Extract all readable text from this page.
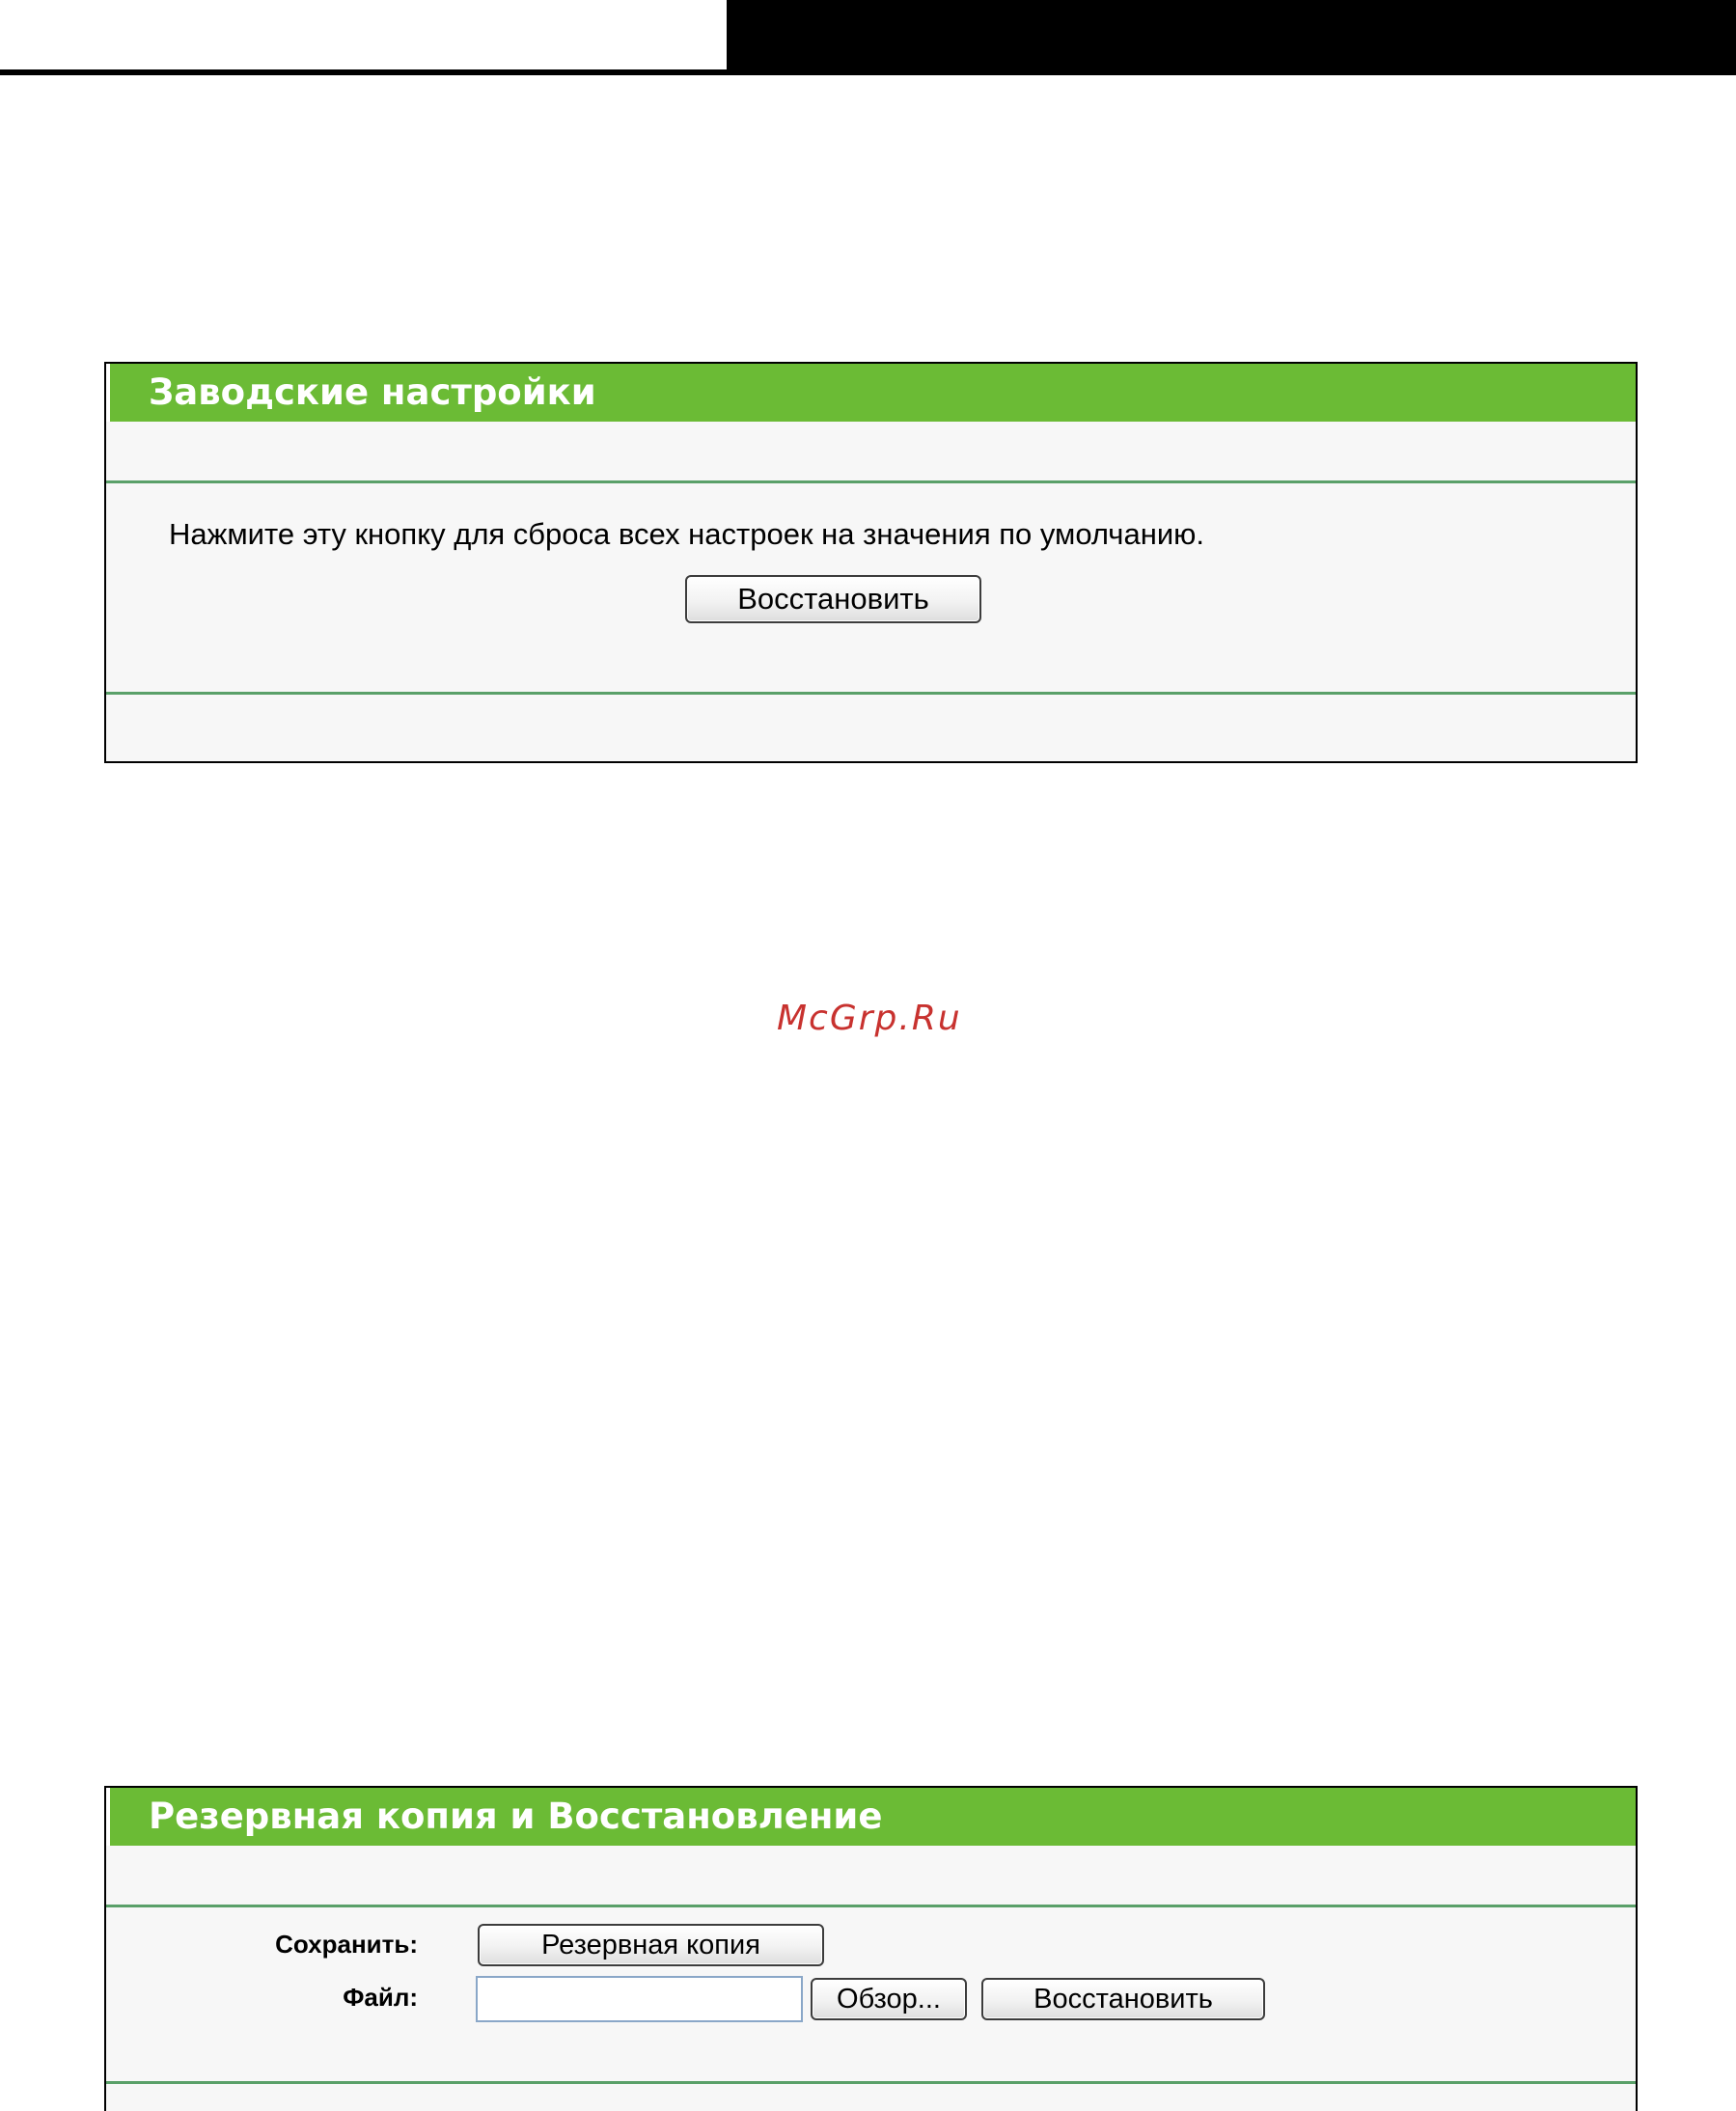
Заводские настройки
Нажмите эту кнопку для сброса всех настроек на значения по умолчанию.
Восстановить
McGrp.Ru
Резервная копия и Восстановление
Сохранить:	Резервная копия
Файл:	Обзор...	Восстановить
